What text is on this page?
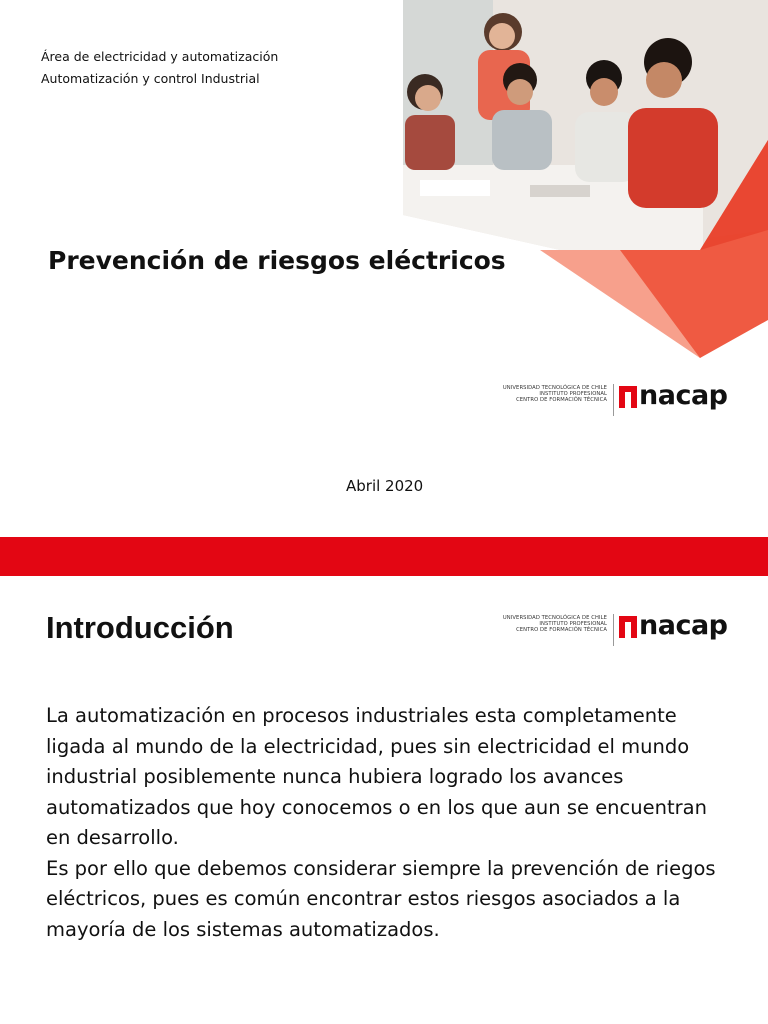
Área de electricidad y automatización
Automatización y control Industrial
Prevención de riesgos eléctricos
UNIVERSIDAD TECNOLÓGICA DE CHILE
INSTITUTO PROFESIONAL
CENTRO DE FORMACIÓN TÉCNICA nacap
Abril 2020
Introducción

La automatización en procesos industriales esta completamente ligada al mundo de la electricidad, pues sin electricidad el mundo industrial posiblemente nunca hubiera logrado los avances automatizados que hoy conocemos o en los que aun se encuentran en desarrollo.

Es por ello que debemos considerar siempre la prevención de riegos eléctricos, pues es común encontrar estos riesgos asociados a la mayoría de los sistemas automatizados.

UNIVERSIDAD TECNOLÓGICA DE CHILE
INSTITUTO PROFESIONAL
CENTRO DE FORMACIÓN TÉCNICA nacap
